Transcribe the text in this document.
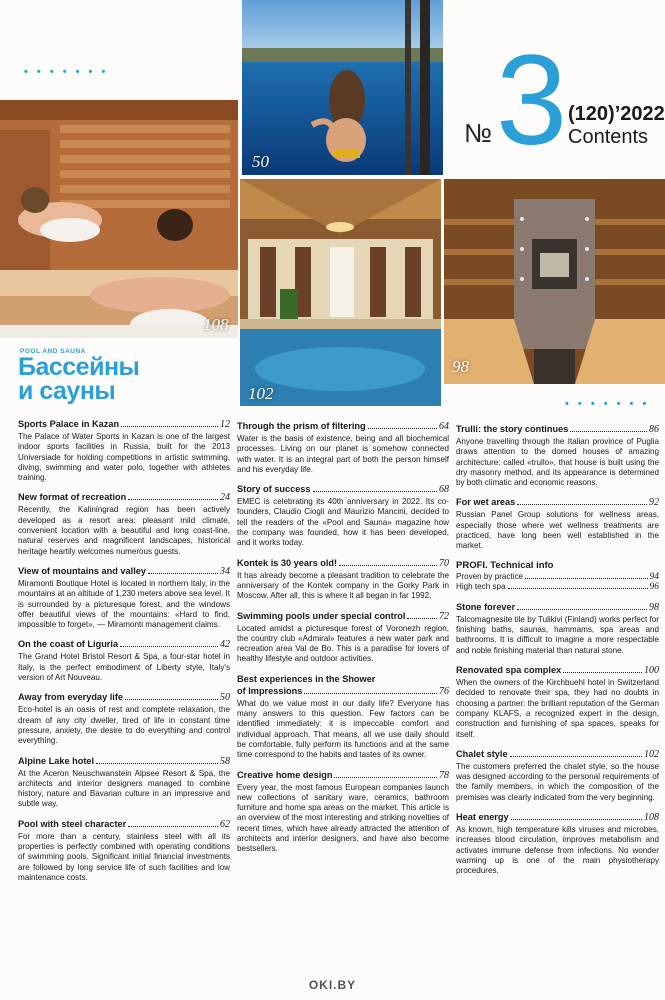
• • • • • • •
• • • • • • •
108
50
№ 3 (120)’2022
Contents
102
98
POOL AND SAUNA
Бассейны
и сауны
Sports Palace in Kazan	12
The Palace of Water Sports in Kazan is one of the largest indoor sports facilities in Russia, built for the 2013 Universiade for holding competitions in artistic swimming, diving, swimming and water polo, together with athletes training.
New format of recreation	24
Recently, the Kaliningrad region has been actively developed as a resort area: pleasant mild climate, convenient location with a beautiful and long coast-line, natural reserves and magnificent landscapes, historical heritage heartily welcomes numerous guests.
View of mountains and valley	34
Miramonti Boutique Hotel is located in northern Italy, in the mountains at an altitude of 1,230 meters above sea level. It is surrounded by a picturesque forest, and the windows offer beautiful views of the mountains: «Hard to find, impossible to forget», — Miramonti management claims.
On the coast of Liguria	42
The Grand Hotel Bristol Resort & Spa, a four-star hotel in Italy, is the perfect embodiment of Liberty style, Italy's version of Art Nouveau.
Away from everyday life	50
Eco-hotel is an oasis of rest and complete relaxation, the dream of any city dweller, tired of life in constant time pressure, anxiety, the desire to do everything and control everything.
Alpine Lake hotel	58
At the Aceron Neuschwanstein Alpsee Resort & Spa, the architects and interior designers managed to combine history, nature and Bavarian culture in an impressive and subtle way.
Pool with steel character	62
For more than a century, stainless steel with all its properties is perfectly combined with operating conditions of swimming pools. Significant initial financial investments are followed by long service life of such facilities and low maintenance costs.
Through the prism of filtering	64
Water is the basis of existence, being and all biochemical processes. Living on our planet is somehow connected with water. It is an integral part of both the person himself and his everyday life.
Story of success	68
EMEC is celebrating its 40th anniversary in 2022. Its co-founders, Claudio Ciogli and Maurizio Mancini, decided to tell the readers of the «Pool and Sauna» magazine how the company was founded, how it has been developed, and it works today.
Kontek is 30 years old!	70
It has already become a pleasant tradition to celebrate the anniversary of the Kontek company in the Gorky Park in Moscow. After all, this is where it all began in far 1992.
Swimming pools under special control	72
Located amidst a picturesque forest of Voronezh region, the country club «Admiral» features a new water park and recreation area Val de Bo. This is a paradise for lovers of healthy lifestyle and outdoor activities.
Best experiences in the Shower
of Impressions	76
What do we value most in our daily life? Everyone has many answers to this question. Few factors can be identified immediately: it is impeccable comfort and individual approach. That means, all we use daily should be comfortable, fully perform its functions and at the same time correspond to the habits and tastes of its owner.
Creative home design	78
Every year, the most famous European companies launch new collections of sanitary ware, ceramics, bathroom furniture and home spa areas on the market. This article is an overview of the most interesting and striking novelties of recent times, which have already attracted the attention of architects and interior designers, and have also become bestsellers.
Trulli: the story continues	86
Anyone travelling through the Italian province of Puglia draws attention to the domed houses of amazing architecture: called «trullo», that house is built using the dry masonry method, and its appearance is determined by both climatic and economic reasons.
For wet areas	92
Russian Panel Group solutions for wellness areas, especially those where wet wellness treatments are practiced, have long been well established in the market.
PROFI. Technical info
Proven by practice	94
High tech spa	96
Stone forever	98
Talcomagnesite tile by Tulikivi (Finland) works perfect for finishing baths, saunas, hammams, spa areas and bathrooms. It is difficult to imagine a more respectable and noble finishing material than natural stone.
Renovated spa complex	100
When the owners of the Kirchbuehl hotel in Switzerland decided to renovate their spa, they had no doubts in choosing a partner: the brilliant reputation of the German company KLAFS, a recognized expert in the design, construction and furnishing of spa spaces, speaks for itself.
Chalet style	102
The customers preferred the chalet style, so the house was designed according to the personal requirements of the family members, in which the composition of the premises was clearly indicated from the very beginning.
Heat energy	108
As known, high temperature kills viruses and microbes, increases blood circulation, improves metabolism and activates immune defense from infections. No wonder warming up is one of the main physiotherapy procedures.
OKI.BY
